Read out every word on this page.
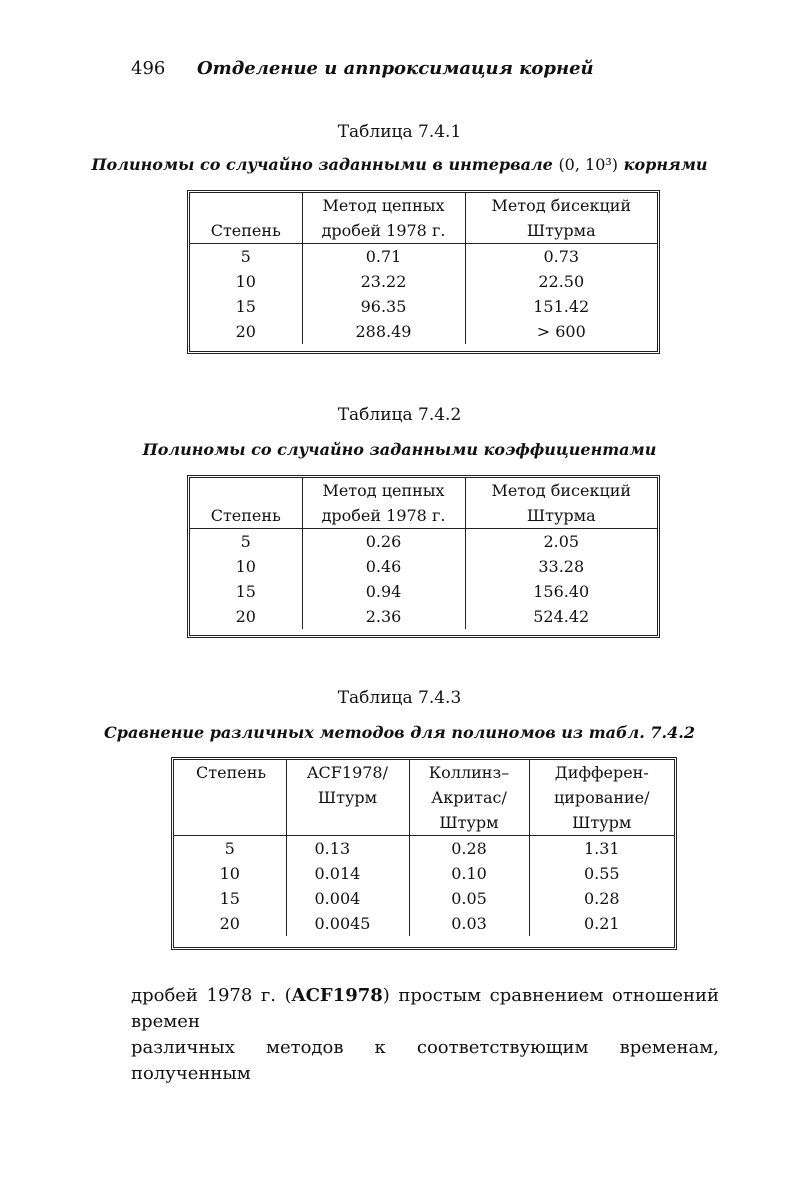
496 Отделение и аппроксимация корней
Таблица 7.4.1
Полиномы со случайно заданными в интервале (0, 10³) корнями
	Метод цепных	Метод бисекций
Степень	дробей 1978 г.	Штурма
5	0.71	0.73
10	23.22	22.50
15	96.35	151.42
20	288.49	> 600
Таблица 7.4.2
Полиномы со случайно заданными коэффициентами
	Метод цепных	Метод бисекций
Степень	дробей 1978 г.	Штурма
5	0.26	2.05
10	0.46	33.28
15	0.94	156.40
20	2.36	524.42
Таблица 7.4.3
Сравнение различных методов для полиномов из табл. 7.4.2
Степень	ACF1978/	Коллинз–	Дифферен-
	Штурм	Акритас/	цирование/
		Штурм	Штурм
5	0.13	0.28	1.31
10	0.014	0.10	0.55
15	0.004	0.05	0.28
20	0.0045	0.03	0.21
дробей 1978 г. (ACF1978) простым сравнением отношений времен
различных методов к соответствующим временам, полученным
